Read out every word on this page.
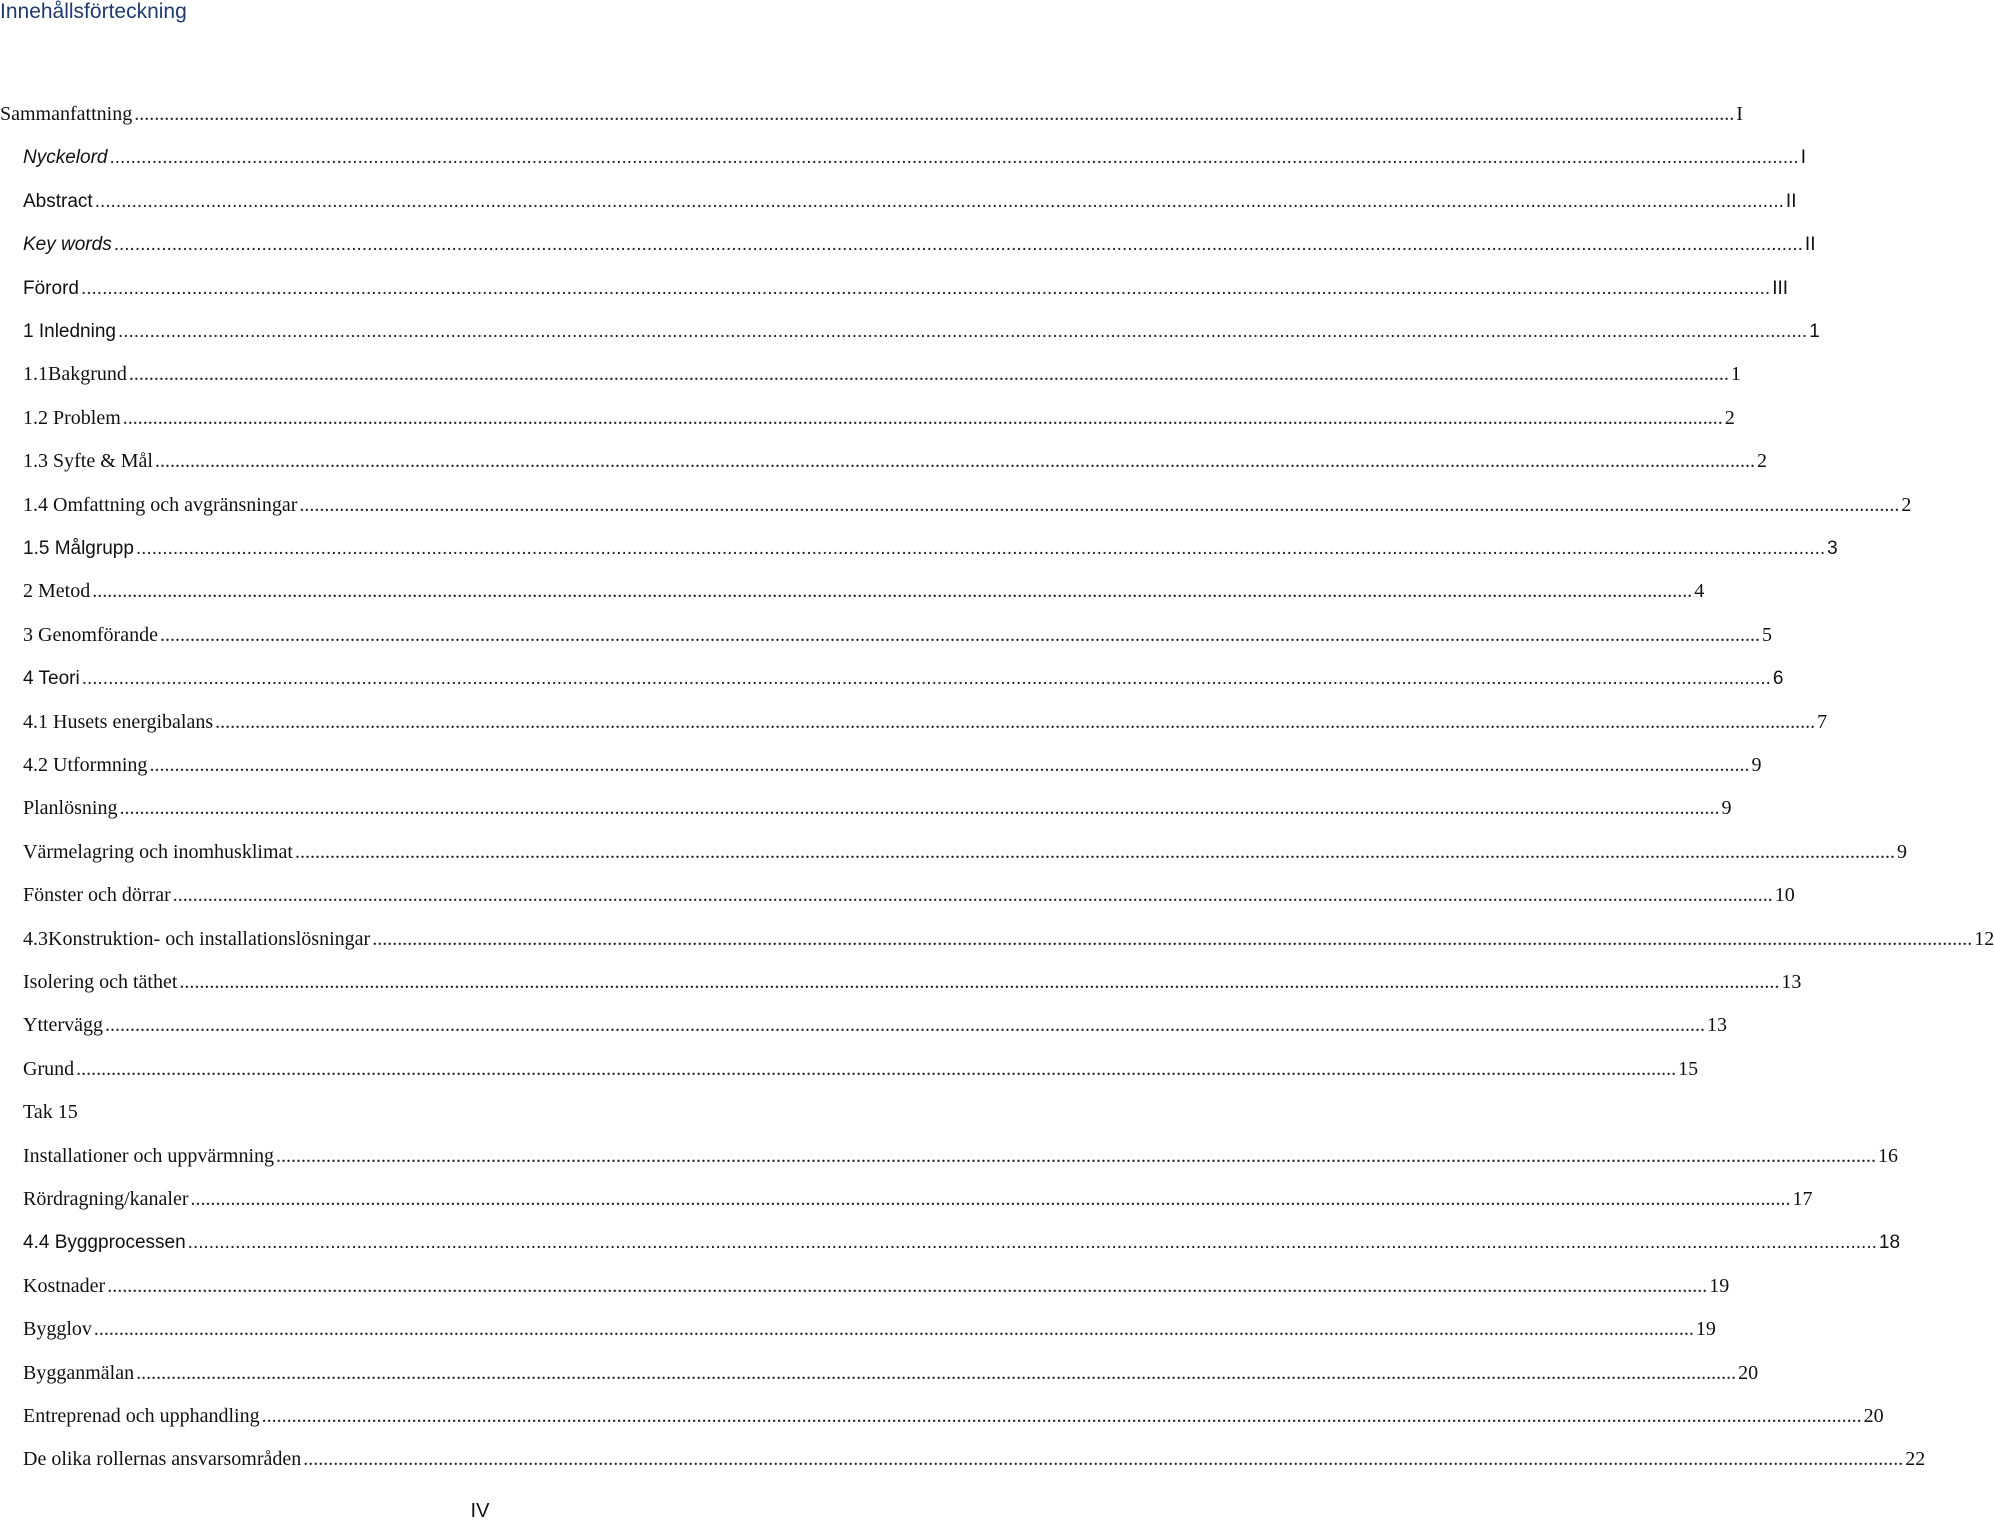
Innehållsförteckning
Sammanfattning .....	I
Nyckelord .....	I
Abstract .....	II
Key words .....	II
Förord .....	III
1 Inledning .....	1
1.1Bakgrund .....	1
1.2 Problem .....	2
1.3 Syfte & Mål .....	2
1.4 Omfattning och avgränsningar .....	2
1.5 Målgrupp .....	3
2 Metod .....	4
3 Genomförande .....	5
4 Teori .....	6
4.1 Husets energibalans .....	7
4.2 Utformning .....	9
Planlösning .....	9
Värmelagring och inomhusklimat .....	9
Fönster och dörrar .....	10
4.3Konstruktion- och installationslösningar .....	12
Isolering och täthet .....	13
Yttervägg .....	13
Grund .....	15
Tak 15
Installationer och uppvärmning .....	16
Rördragning/kanaler .....	17
4.4 Byggprocessen .....	18
Kostnader .....	19
Bygglov .....	19
Bygganmälan .....	20
Entreprenad och upphandling .....	20
De olika rollernas ansvarsområden .....	22
IV
